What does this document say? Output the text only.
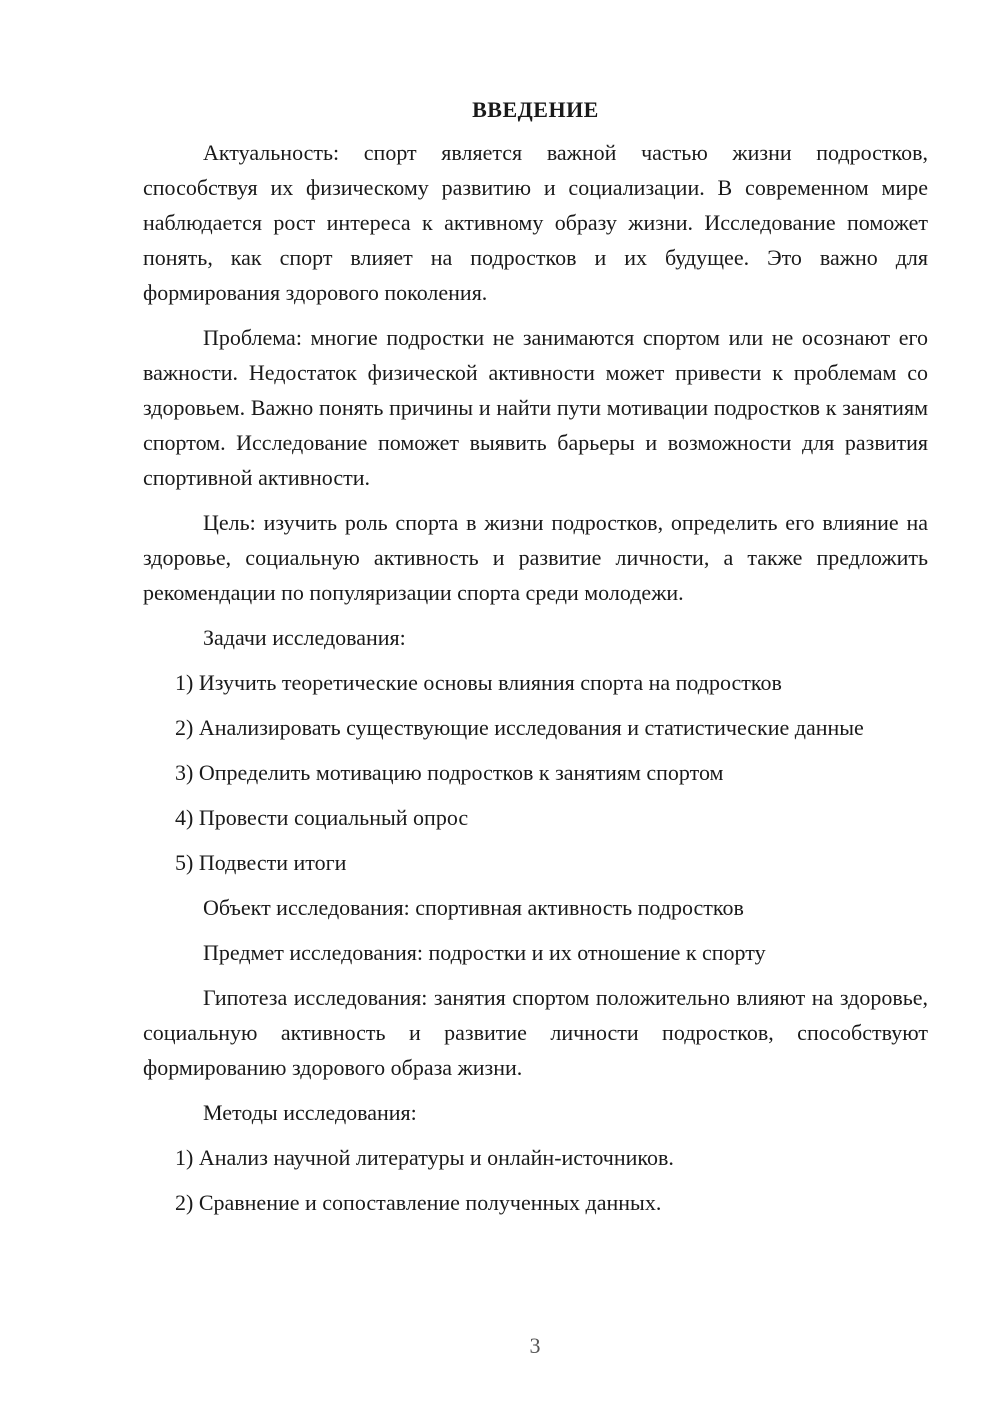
ВВЕДЕНИЕ

Актуальность: спорт является важной частью жизни подростков, способствуя их физическому развитию и социализации. В современном мире наблюдается рост интереса к активному образу жизни. Исследование поможет понять, как спорт влияет на подростков и их будущее. Это важно для формирования здорового поколения.

Проблема: многие подростки не занимаются спортом или не осознают его важности. Недостаток физической активности может привести к проблемам со здоровьем. Важно понять причины и найти пути мотивации подростков к занятиям спортом. Исследование поможет выявить барьеры и возможности для развития спортивной активности.

Цель: изучить роль спорта в жизни подростков, определить его влияние на здоровье, социальную активность и развитие личности, а также предложить рекомендации по популяризации спорта среди молодежи.

Задачи исследования:

1) Изучить теоретические основы влияния спорта на подростков

2) Анализировать существующие исследования и статистические данные

3) Определить мотивацию подростков к занятиям спортом

4) Провести социальный опрос

5) Подвести итоги

Объект исследования: спортивная активность подростков

Предмет исследования: подростки и их отношение к спорту

Гипотеза исследования: занятия спортом положительно влияют на здоровье, социальную активность и развитие личности подростков, способствуют формированию здорового образа жизни.

Методы исследования:

1) Анализ научной литературы и онлайн-источников.

2) Сравнение и сопоставление полученных данных.

3
